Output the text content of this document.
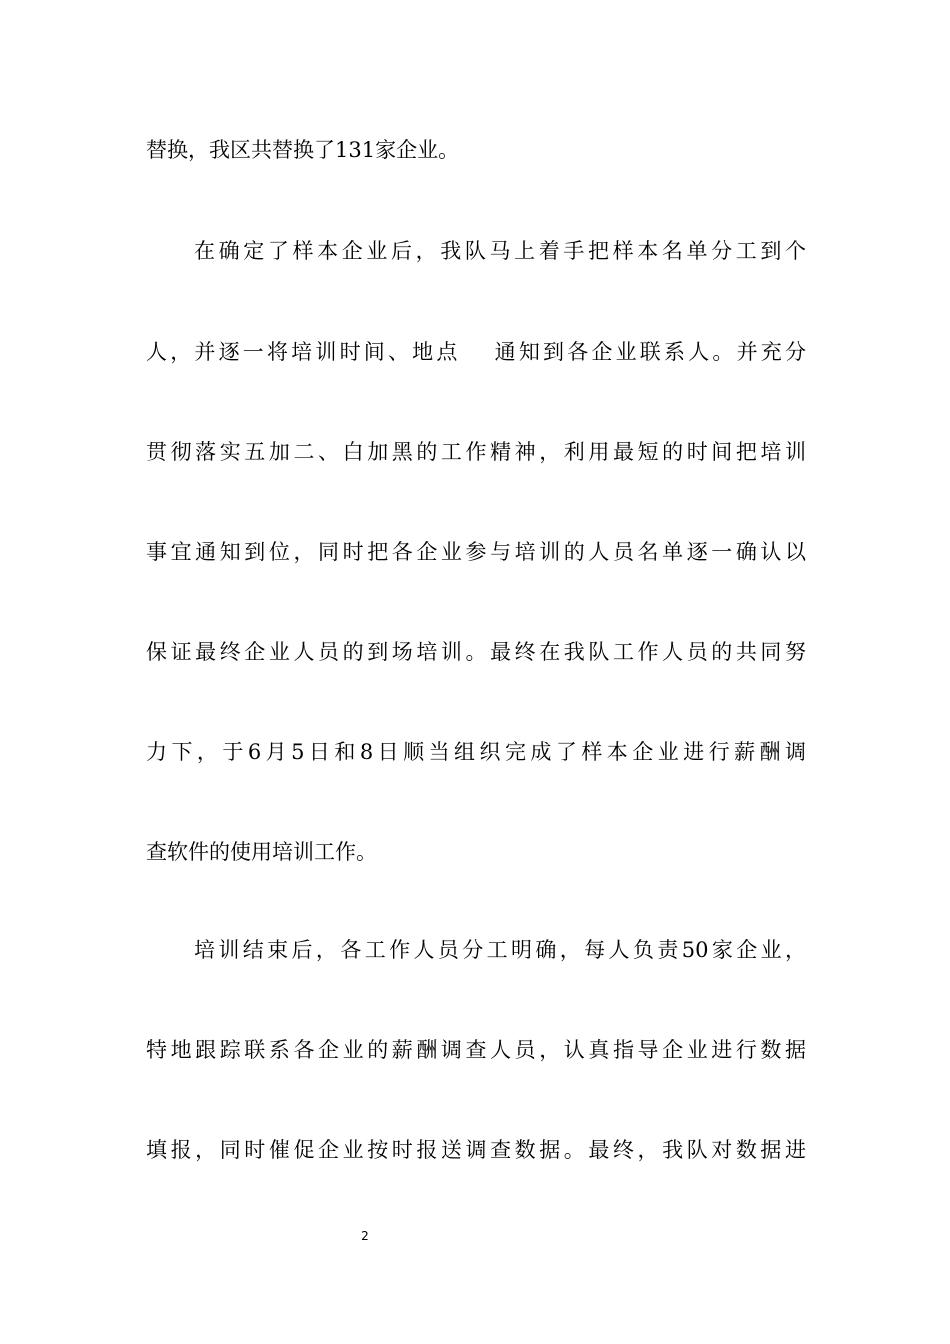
替换，我区共替换了131家企业。
在确定了样本企业后，我队马上着手把样本名单分工到个
人，并逐一将培训时间、地点　 通知到各企业联系人。并充分
贯彻落实五加二、白加黑的工作精神，利用最短的时间把培训
事宜通知到位，同时把各企业参与培训的人员名单逐一确认以
保证最终企业人员的到场培训。最终在我队工作人员的共同努
力下，于6月5日和8日顺当组织完成了样本企业进行薪酬调
查软件的使用培训工作。
培训结束后，各工作人员分工明确，每人负责50家企业，
特地跟踪联系各企业的薪酬调查人员，认真指导企业进行数据
填报，同时催促企业按时报送调查数据。最终，我队对数据进
2
